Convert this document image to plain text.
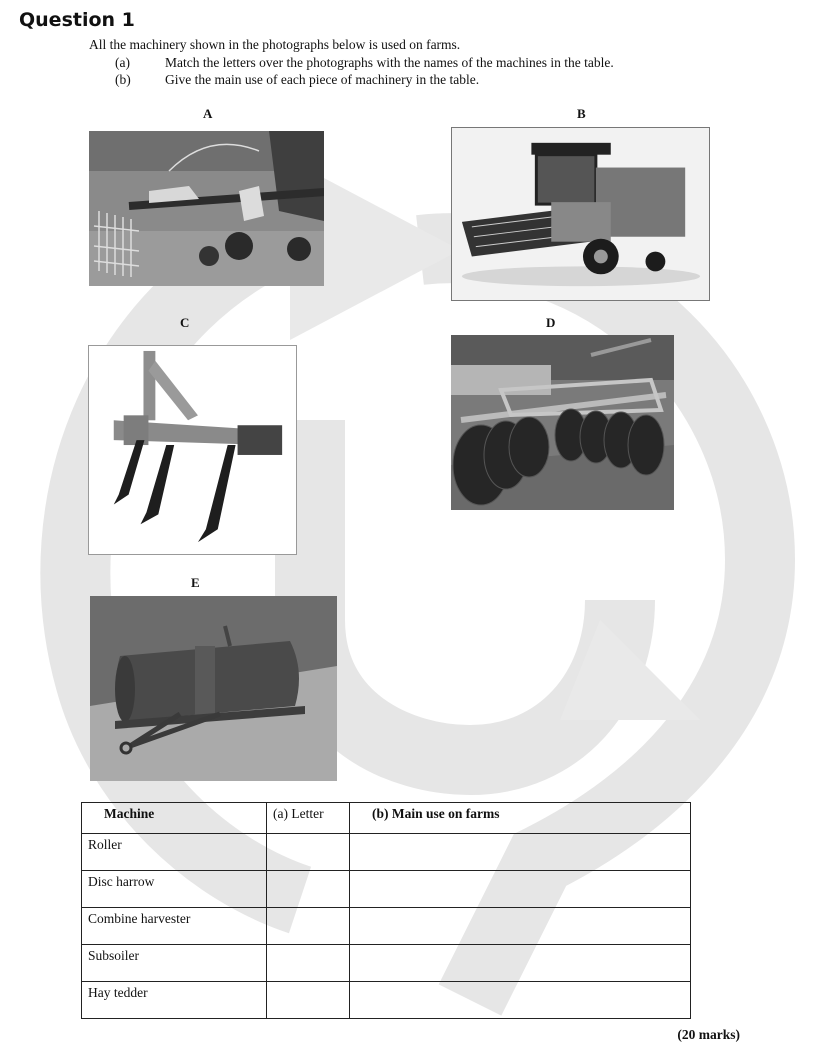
Question 1
All the machinery shown in the photographs below is used on farms.
(a)	Match the letters over the photographs with the names of the machines in the table.
(b)	Give the main use of each piece of machinery in the table.
A	B
C	D
E
Machine	(a) Letter	(b) Main use on farms
Roller		
Disc harrow		
Combine harvester		
Subsoiler		
Hay tedder		
(20 marks)
